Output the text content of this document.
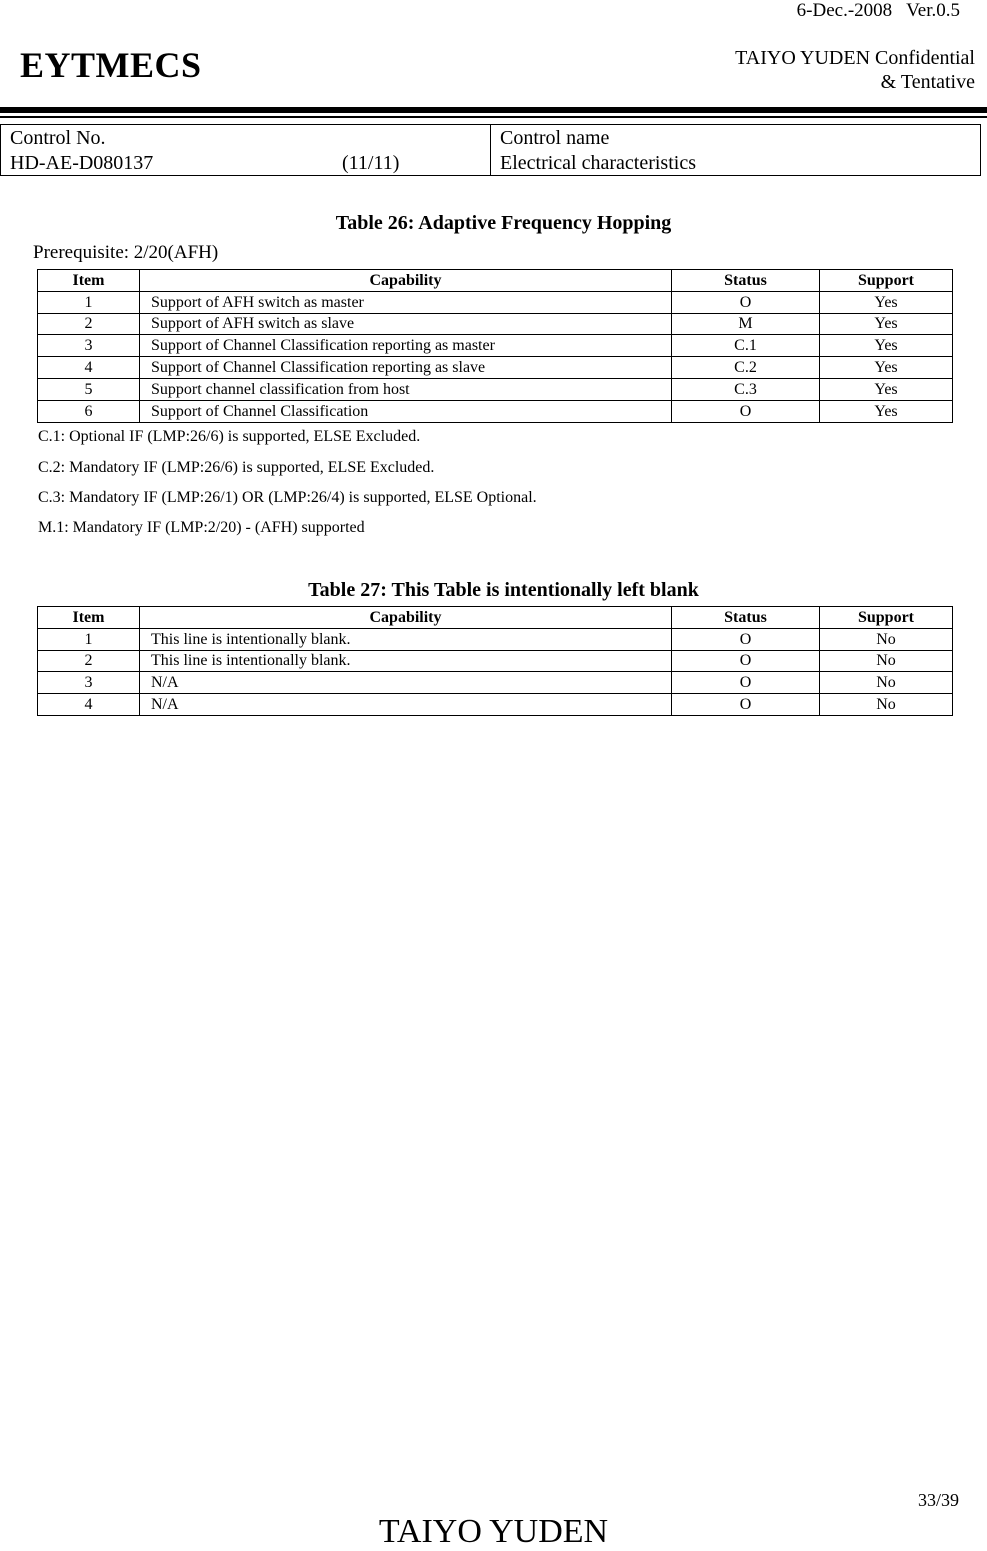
6-Dec.-2008 Ver.0.5
EYTMECS	TAIYO YUDEN Confidential
& Tentative
Control No.
HD-AE-D080137	(11/11)
Control name
Electrical characteristics
Table 26: Adaptive Frequency Hopping
Prerequisite: 2/20(AFH)
Item	Capability	Status	Support
1	Support of AFH switch as master	O	Yes
2	Support of AFH switch as slave	M	Yes
3	Support of Channel Classification reporting as master	C.1	Yes
4	Support of Channel Classification reporting as slave	C.2	Yes
5	Support channel classification from host	C.3	Yes
6	Support of Channel Classification	O	Yes
C.1: Optional IF (LMP:26/6) is supported, ELSE Excluded.
C.2: Mandatory IF (LMP:26/6) is supported, ELSE Excluded.
C.3: Mandatory IF (LMP:26/1) OR (LMP:26/4) is supported, ELSE Optional.
M.1: Mandatory IF (LMP:2/20) - (AFH) supported
Table 27: This Table is intentionally left blank
Item	Capability	Status	Support
1	This line is intentionally blank.	O	No
2	This line is intentionally blank.	O	No
3	N/A	O	No
4	N/A	O	No
33/39
TAIYO YUDEN
